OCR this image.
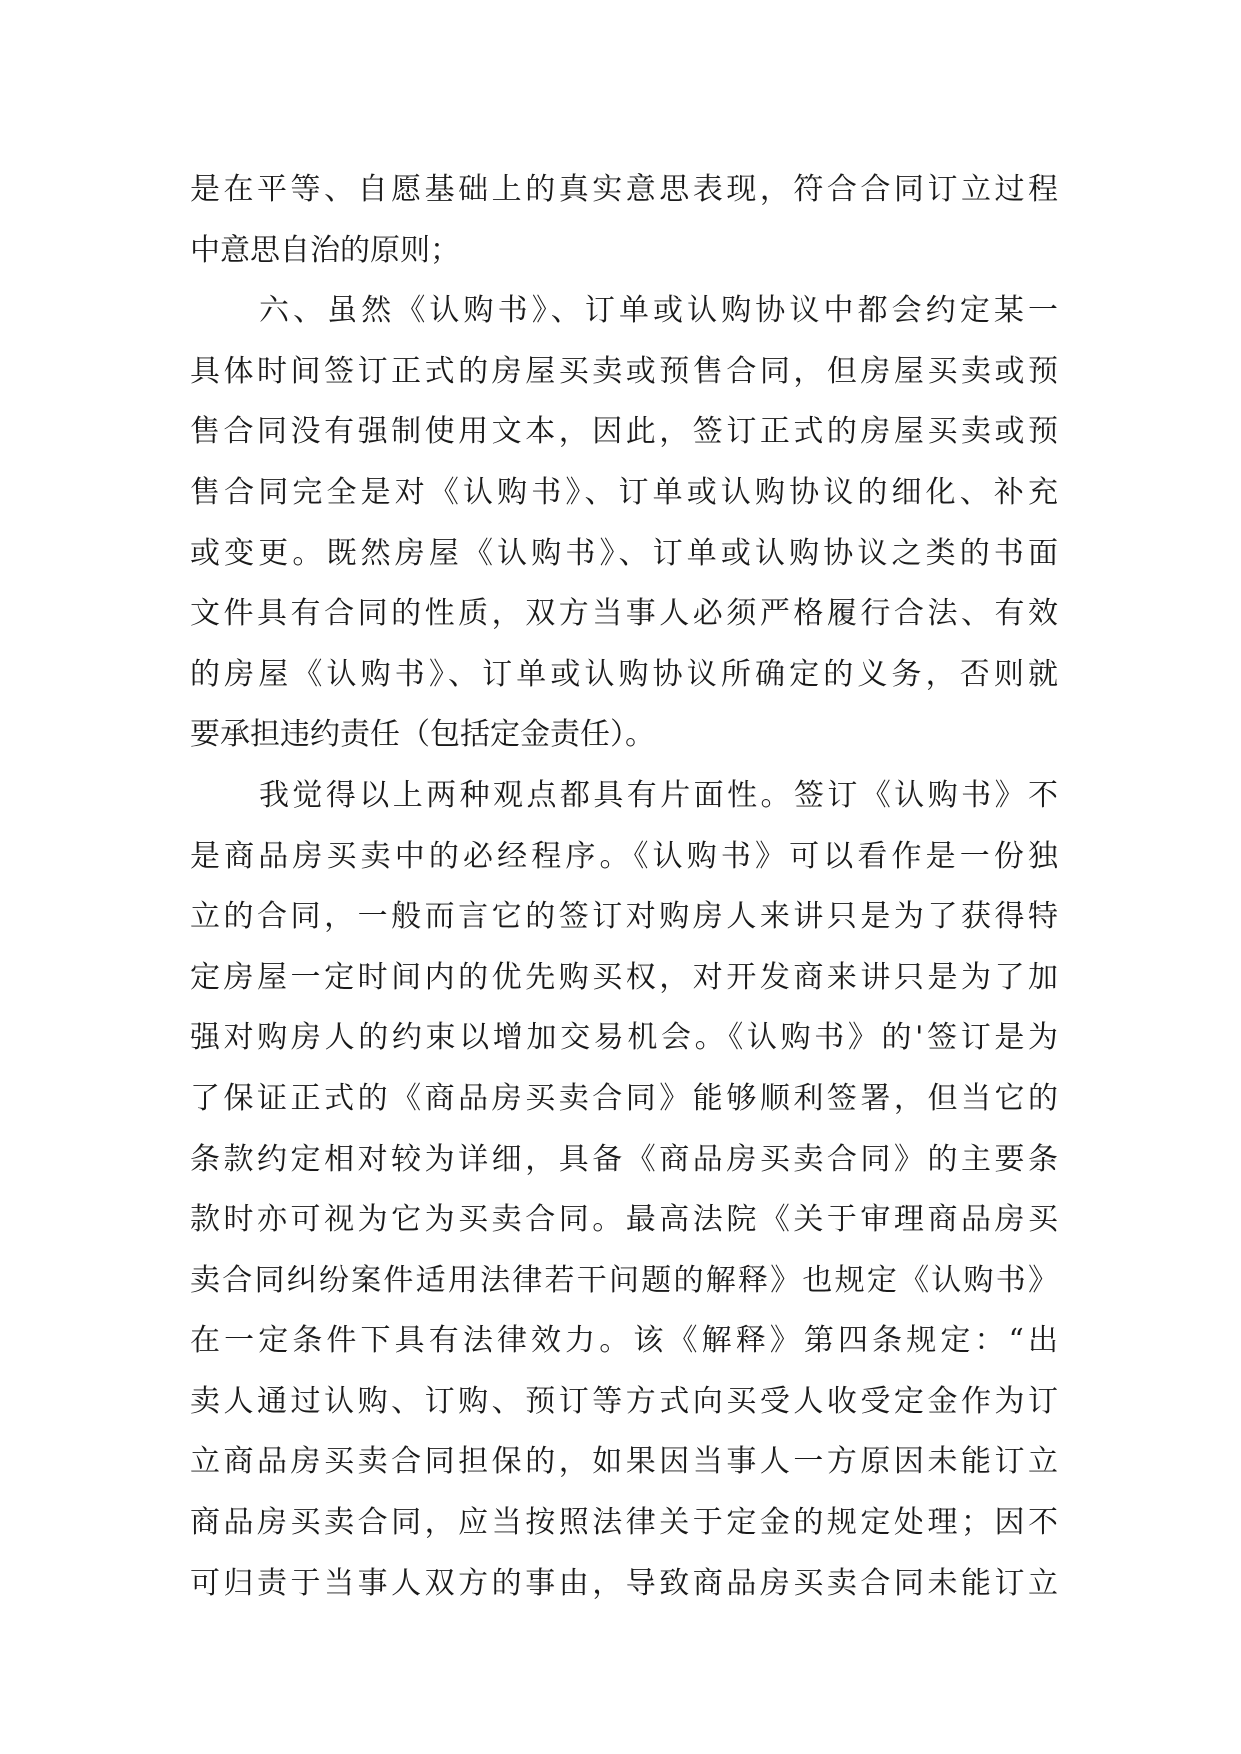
是在平等、自愿基础上的真实意思表现，符合合同订立过程
中意思自治的原则；
六、虽然《认购书》、订单或认购协议中都会约定某一
具体时间签订正式的房屋买卖或预售合同，但房屋买卖或预
售合同没有强制使用文本，因此，签订正式的房屋买卖或预
售合同完全是对《认购书》、订单或认购协议的细化、补充
或变更。既然房屋《认购书》、订单或认购协议之类的书面
文件具有合同的性质，双方当事人必须严格履行合法、有效
的房屋《认购书》、订单或认购协议所确定的义务，否则就
要承担违约责任（包括定金责任）。
我觉得以上两种观点都具有片面性。签订《认购书》不
是商品房买卖中的必经程序。《认购书》可以看作是一份独
立的合同，一般而言它的签订对购房人来讲只是为了获得特
定房屋一定时间内的优先购买权，对开发商来讲只是为了加
强对购房人的约束以增加交易机会。《认购书》的'签订是为
了保证正式的《商品房买卖合同》能够顺利签署，但当它的
条款约定相对较为详细，具备《商品房买卖合同》的主要条
款时亦可视为它为买卖合同。最高法院《关于审理商品房买
卖合同纠纷案件适用法律若干问题的解释》也规定《认购书》
在一定条件下具有法律效力。该《解释》第四条规定：“出
卖人通过认购、订购、预订等方式向买受人收受定金作为订
立商品房买卖合同担保的，如果因当事人一方原因未能订立
商品房买卖合同，应当按照法律关于定金的规定处理；因不
可归责于当事人双方的事由，导致商品房买卖合同未能订立
